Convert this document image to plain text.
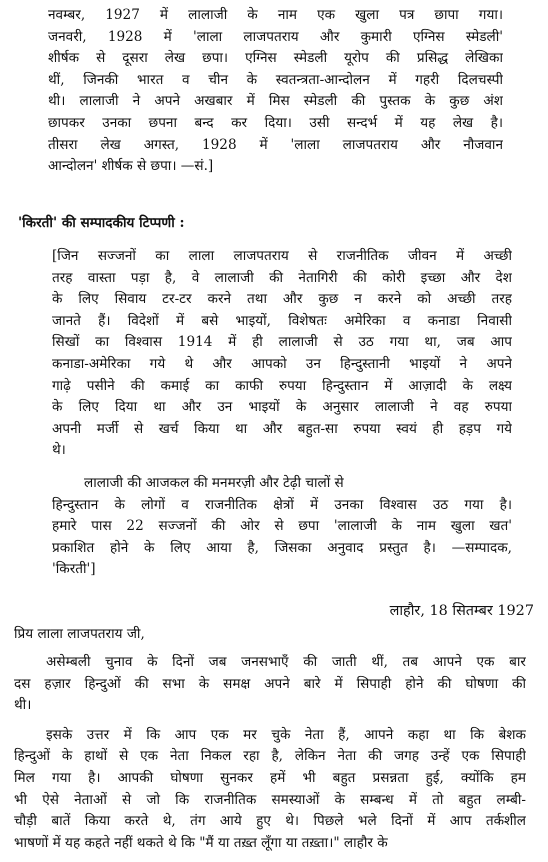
नवम्बर, 1927 में लालाजी के नाम एक खुला पत्र छापा गया।
जनवरी, 1928 में 'लाला लाजपतराय और कुमारी एग्निस स्मेडली'
शीर्षक से दूसरा लेख छपा। एग्निस स्मेडली यूरोप की प्रसिद्ध लेखिका
थीं, जिनकी भारत व चीन के स्वतन्त्रता-आन्दोलन में गहरी दिलचस्पी
थी। लालाजी ने अपने अखबार में मिस स्मेडली की पुस्तक के कुछ अंश
छापकर उनका छपना बन्द कर दिया। उसी सन्दर्भ में यह लेख है।
तीसरा लेख अगस्त, 1928 में 'लाला लाजपतराय और नौजवान
आन्दोलन' शीर्षक से छपा। —सं.]
'किरती' की सम्पादकीय टिप्पणी :
[जिन सज्जनों का लाला लाजपतराय से राजनीतिक जीवन में अच्छी
तरह वास्ता पड़ा है, वे लालाजी की नेतागिरी की कोरी इच्छा और देश
के लिए सिवाय टर-टर करने तथा और कुछ न करने को अच्छी तरह
जानते हैं। विदेशों में बसे भाइयों, विशेषतः अमेरिका व कनाडा निवासी
सिखों का विश्वास 1914 में ही लालाजी से उठ गया था, जब आप
कनाडा-अमेरिका गये थे और आपको उन हिन्दुस्तानी भाइयों ने अपने
गाढ़े पसीने की कमाई का काफी रुपया हिन्दुस्तान में आज़ादी के लक्ष्य
के लिए दिया था और उन भाइयों के अनुसार लालाजी ने वह रुपया
अपनी मर्जी से खर्च किया था और बहुत-सा रुपया स्वयं ही हड़प गये
थे।
लालाजी की आजकल की मनमरज़ी और टेढ़ी चालों से
हिन्दुस्तान के लोगों व राजनीतिक क्षेत्रों में उनका विश्वास उठ गया है।
हमारे पास 22 सज्जनों की ओर से छपा 'लालाजी के नाम खुला खत'
प्रकाशित होने के लिए आया है, जिसका अनुवाद प्रस्तुत है। —सम्पादक,
'किरती']
लाहौर, 18 सितम्बर 1927
प्रिय लाला लाजपतराय जी,
असेम्बली चुनाव के दिनों जब जनसभाएँ की जाती थीं, तब आपने एक बार
दस हज़ार हिन्दुओं की सभा के समक्ष अपने बारे में सिपाही होने की घोषणा की
थी।
इसके उत्तर में कि आप एक मर चुके नेता हैं, आपने कहा था कि बेशक
हिन्दुओं के हाथों से एक नेता निकल रहा है, लेकिन नेता की जगह उन्हें एक सिपाही
मिल गया है। आपकी घोषणा सुनकर हमें भी बहुत प्रसन्नता हुई, क्योंकि हम
भी ऐसे नेताओं से जो कि राजनीतिक समस्याओं के सम्बन्ध में तो बहुत लम्बी-
चौड़ी बातें किया करते थे, तंग आये हुए थे। पिछले भले दिनों में आप तर्कशील
भाषणों में यह कहते नहीं थकते थे कि "मैं या तख़्त लूँगा या तख़्ता।" लाहौर के
